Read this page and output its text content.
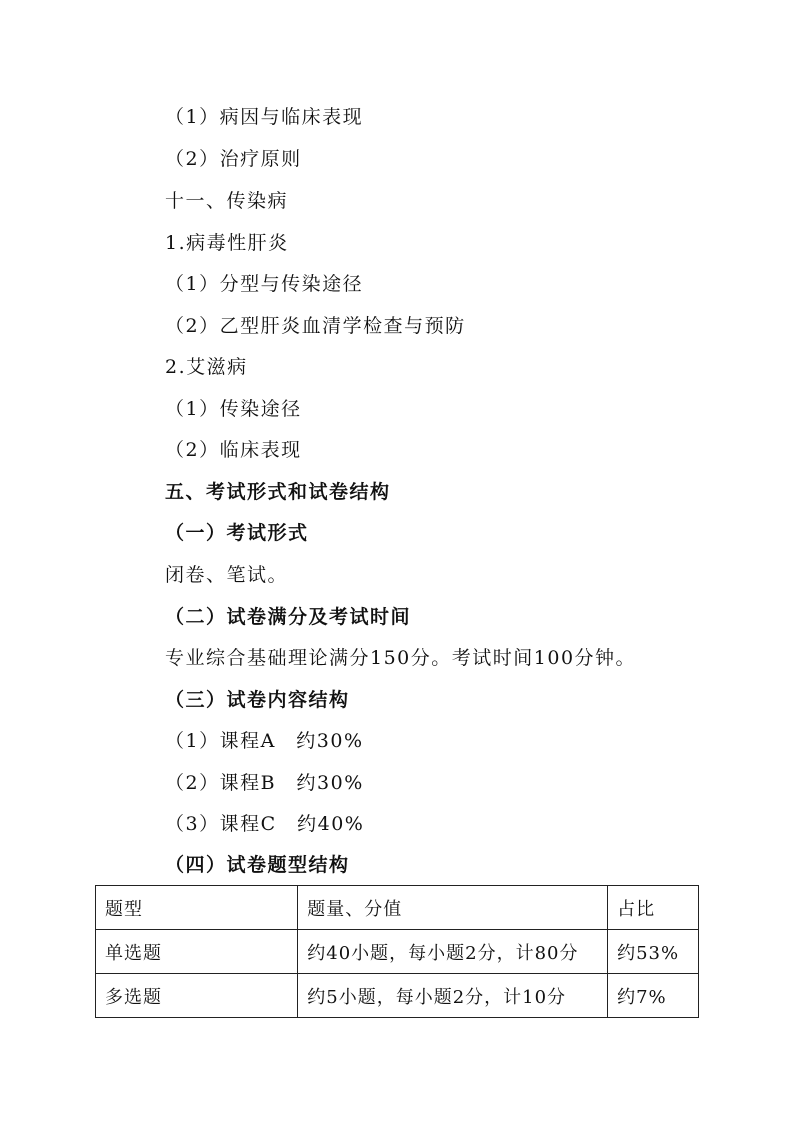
（1）病因与临床表现
（2）治疗原则
十一、传染病
1.病毒性肝炎
（1）分型与传染途径
（2）乙型肝炎血清学检查与预防
2.艾滋病
（1）传染途径
（2）临床表现
五、考试形式和试卷结构
（一）考试形式
闭卷、笔试。
（二）试卷满分及考试时间
专业综合基础理论满分150分。考试时间100分钟。
（三）试卷内容结构
（1）课程A　约30%
（2）课程B　约30%
（3）课程C　约40%
（四）试卷题型结构
题型	题量、分值	占比
单选题	约40小题，每小题2分，计80分	约53%
多选题	约5小题，每小题2分，计10分	约7%
